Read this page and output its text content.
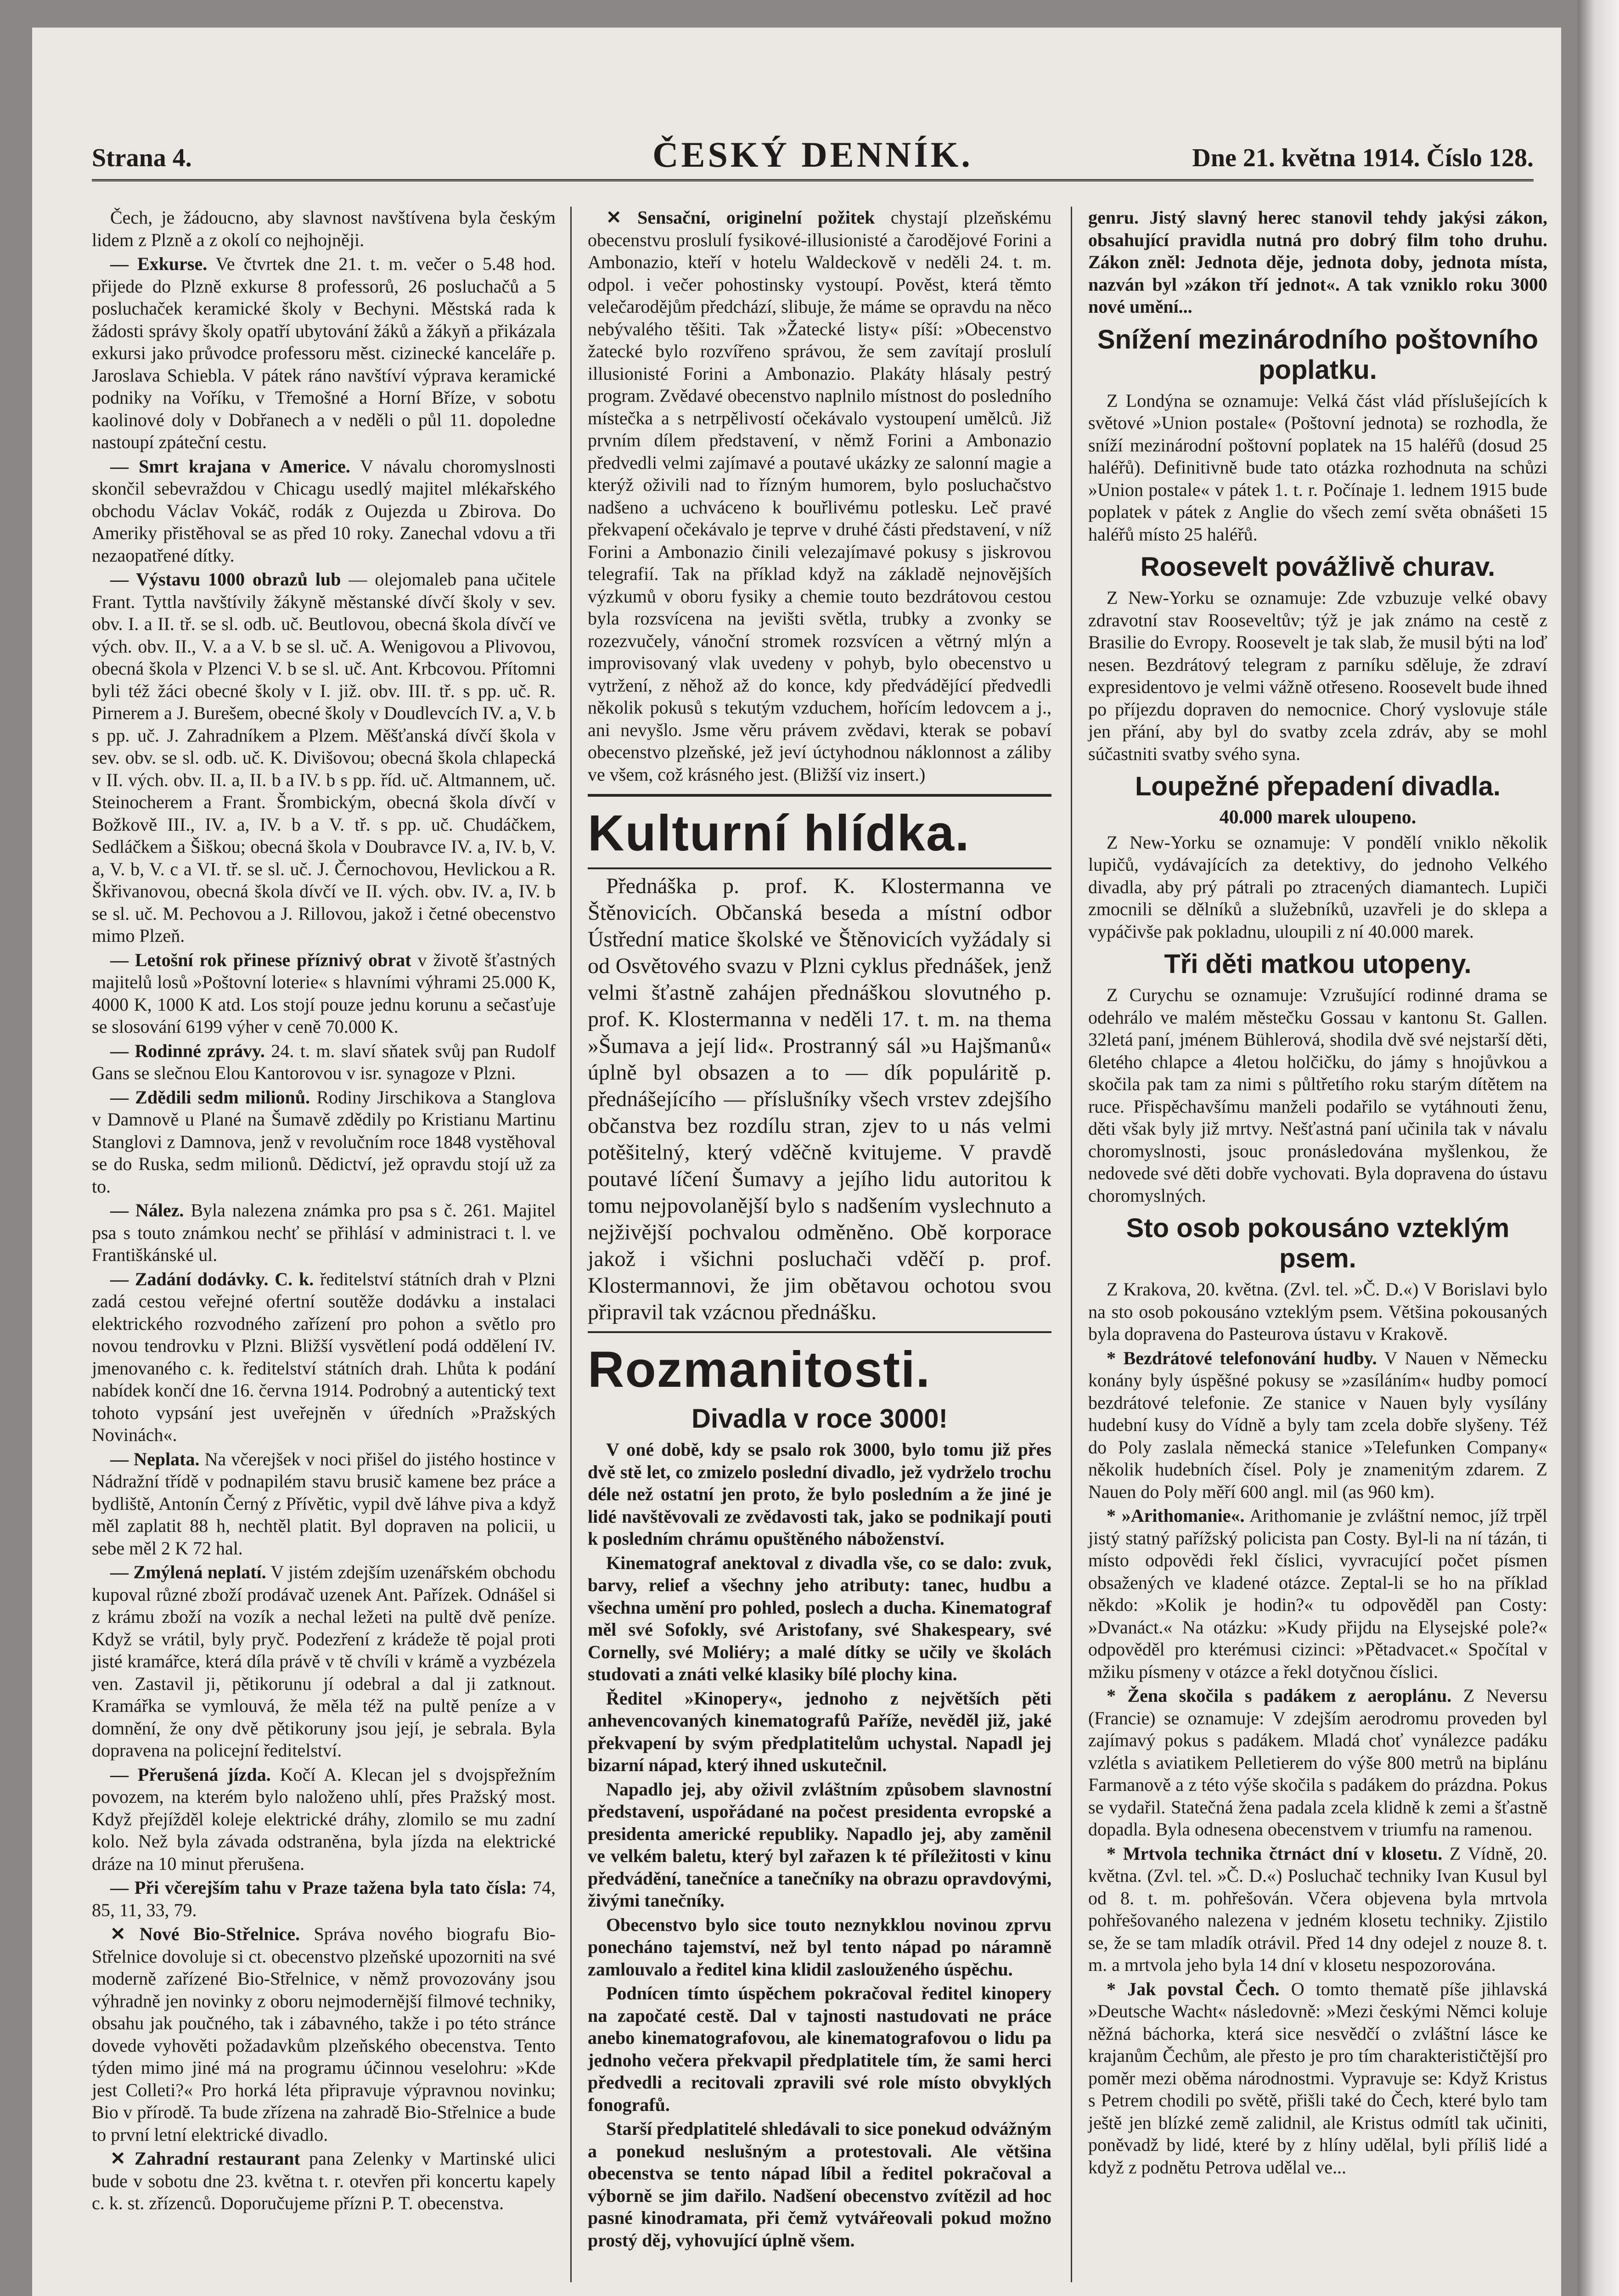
Strana 4.	ČESKÝ DENNÍK.	Dne 21. května 1914. Číslo 128.

Čech, je žádoucno, aby slavnost navštívena byla českým lidem z Plzně a z okolí co nejhojněji.

— Exkurse. Ve čtvrtek dne 21. t. m. večer o 5.48 hod. přijede do Plzně exkurse 8 professorů, 26 posluchačů a 5 posluchaček keramické školy v Bechyni. Městská rada k žádosti správy školy opatří ubytování žáků a žákyň a přikázala exkursi jako průvodce professoru měst. cizinecké kanceláře p. Jaroslava Schiebla. V pátek ráno navštíví výprava keramické podniky na Voříku, v Třemošné a Horní Bříze, v sobotu kaolinové doly v Dobřanech a v neděli o půl 11. dopoledne nastoupí zpáteční cestu.

— Smrt krajana v Americe. V návalu choromyslnosti skončil sebevraždou v Chicagu usedlý majitel mlékařského obchodu Václav Vokáč, rodák z Oujezda u Zbirova. Do Ameriky přistěhoval se as před 10 roky. Zanechal vdovu a tři nezaopatřené dítky.

— Výstavu 1000 obrazů lub — olejomaleb pana učitele Frant. Tyttla navštívily žákyně městanské dívčí školy v sev. obv. I. a II. tř. se sl. odb. uč. Beutlovou, obecná škola dívčí ve vých. obv. II., V. a a V. b se sl. uč. A. Wenigovou a Plivovou, obecná škola v Plzenci V. b se sl. uč. Ant. Krbcovou. Přítomni byli též žáci obecné školy v I. již. obv. III. tř. s pp. uč. R. Pirnerem a J. Burešem, obecné školy v Doudlevcích IV. a, V. b s pp. uč. J. Zahradníkem a Plzem. Měšťanská dívčí škola v sev. obv. se sl. odb. uč. K. Divišovou; obecná škola chlapecká v II. vých. obv. II. a, II. b a IV. b s pp. říd. uč. Altmannem, uč. Steinocherem a Frant. Šrombickým, obecná škola dívčí v Božkově III., IV. a, IV. b a V. tř. s pp. uč. Chudáčkem, Sedláčkem a Šiškou; obecná škola v Doubravce IV. a, IV. b, V. a, V. b, V. c a VI. tř. se sl. uč. J. Černochovou, Hevlickou a R. Škřivanovou, obecná škola dívčí ve II. vých. obv. IV. a, IV. b se sl. uč. M. Pechovou a J. Rillovou, jakož i četné obecenstvo mimo Plzeň.

— Letošní rok přinese příznivý obrat v životě šťastných majitelů losů »Poštovní loterie« s hlavními výhrami 25.000 K, 4000 K, 1000 K atd. Los stojí pouze jednu korunu a sečasťuje se slosování 6199 výher v ceně 70.000 K.

— Rodinné zprávy. 24. t. m. slaví sňatek svůj pan Rudolf Gans se slečnou Elou Kantorovou v isr. synagoze v Plzni.

— Zdědili sedm milionů. Rodiny Jirschikova a Stanglova v Damnově u Plané na Šumavě zdědily po Kristianu Martinu Stanglovi z Damnova, jenž v revolučním roce 1848 vystěhoval se do Ruska, sedm milionů. Dědictví, jež opravdu stojí už za to.

— Nález. Byla nalezena známka pro psa s č. 261. Majitel psa s touto známkou nechť se přihlásí v administraci t. l. ve Františkánské ul.

— Zadání dodávky. C. k. ředitelství státních drah v Plzni zadá cestou veřejné ofertní soutěže dodávku a instalaci elektrického rozvodného zařízení pro pohon a světlo pro novou tendrovku v Plzni. Bližší vysvětlení podá oddělení IV. jmenovaného c. k. ředitelství státních drah. Lhůta k podání nabídek končí dne 16. června 1914. Podrobný a autentický text tohoto vypsání jest uveřejněn v úředních »Pražských Novinách«.

— Neplata. Na včerejšek v noci přišel do jistého hostince v Nádražní třídě v podnapilém stavu brusič kamene bez práce a bydliště, Antonín Černý z Přívětic, vypil dvě láhve piva a když měl zaplatit 88 h, nechtěl platit. Byl dopraven na policii, u sebe měl 2 K 72 hal.

— Zmýlená neplatí. V jistém zdejším uzenářském obchodu kupoval různé zboží prodávač uzenek Ant. Pařízek. Odnášel si z krámu zboží na vozík a nechal ležeti na pultě dvě peníze. Když se vrátil, byly pryč. Podezření z krádeže tě pojal proti jisté kramářce, která díla právě v tě chvíli v krámě a vyzbézela ven. Zastavil ji, pětikorunu jí odebral a dal ji zatknout. Kramářka se vymlouvá, že měla též na pultě peníze a v domnění, že ony dvě pětikoruny jsou její, je sebrala. Byla dopravena na policejní ředitelství.

— Přerušená jízda. Kočí A. Klecan jel s dvojspřežním povozem, na kterém bylo naloženo uhlí, přes Pražský most. Když přejížděl koleje elektrické dráhy, zlomilo se mu zadní kolo. Než byla závada odstraněna, byla jízda na elektrické dráze na 10 minut přerušena.

— Při včerejším tahu v Praze tažena byla tato čísla: 74, 85, 11, 33, 79.

✕ Nové Bio-Střelnice. Správa nového biografu Bio-Střelnice dovoluje si ct. obecenstvo plzeňské upozorniti na své moderně zařízené Bio-Střelnice, v němž provozovány jsou výhradně jen novinky z oboru nejmodernější filmové techniky, obsahu jak poučného, tak i zábavného, takže i po této stránce dovede vyhověti požadavkům plzeňského obecenstva. Tento týden mimo jiné má na programu účinnou veselohru: »Kde jest Colleti?« Pro horká léta připravuje výpravnou novinku; Bio v přírodě. Ta bude zřízena na zahradě Bio-Střelnice a bude to první letní elektrické divadlo.

✕ Zahradní restaurant pana Zelenky v Martinské ulici bude v sobotu dne 23. května t. r. otevřen při koncertu kapely c. k. st. zřízenců. Doporučujeme přízni P. T. obecenstva.

✕ Sensační, originelní požitek chystají plzeňskému obecenstvu proslulí fysikové-illusionisté a čarodějové Forini a Ambonazio, kteří v hotelu Waldeckově v neděli 24. t. m. odpol. i večer pohostinsky vystoupí. Pověst, která těmto velečarodějům předchází, slibuje, že máme se opravdu na něco nebývalého těšiti. Tak »Žatecké listy« píší: »Obecenstvo žatecké bylo rozvířeno správou, že sem zavítají proslulí illusionisté Forini a Ambonazio. Plakáty hlásaly pestrý program. Zvědavé obecenstvo naplnilo místnost do posledního místečka a s netrpělivostí očekávalo vystoupení umělců. Již prvním dílem představení, v němž Forini a Ambonazio předvedli velmi zajímavé a poutavé ukázky ze salonní magie a kterýž oživili nad to řízným humorem, bylo posluchačstvo nadšeno a uchváceno k bouřlivému potlesku. Leč pravé překvapení očekávalo je teprve v druhé části představení, v níž Forini a Ambonazio činili velezajímavé pokusy s jiskrovou telegrafií. Tak na příklad když na základě nejnovějších výzkumů v oboru fysiky a chemie touto bezdrátovou cestou byla rozsvícena na jevišti světla, trubky a zvonky se rozezvučely, vánoční stromek rozsvícen a větrný mlýn a improvisovaný vlak uvedeny v pohyb, bylo obecenstvo u vytržení, z něhož až do konce, kdy předvádějící předvedli několik pokusů s tekutým vzduchem, hořícím ledovcem a j., ani nevyšlo. Jsme věru právem zvědavi, kterak se pobaví obecenstvo plzeňské, jež jeví úctyhodnou náklonnost a záliby ve všem, což krásného jest. (Bližší viz insert.)

Kulturní hlídka.

Přednáška p. prof. K. Klostermanna ve Štěnovicích. Občanská beseda a místní odbor Ústřední matice školské ve Štěnovicích vyžádaly si od Osvětového svazu v Plzni cyklus přednášek, jenž velmi šťastně zahájen přednáškou slovutného p. prof. K. Klostermanna v neděli 17. t. m. na thema »Šumava a její lid«. Prostranný sál »u Hajšmanů« úplně byl obsazen a to — dík populáritě p. přednášejícího — příslušníky všech vrstev zdejšího občanstva bez rozdílu stran, zjev to u nás velmi potěšitelný, který vděčně kvitujeme. V pravdě poutavé líčení Šumavy a jejího lidu autoritou k tomu nejpovolanější bylo s nadšením vyslechnuto a nejživější pochvalou odměněno. Obě korporace jakož i všichni posluchači vděčí p. prof. Klostermannovi, že jim obětavou ochotou svou připravil tak vzácnou přednášku.

Rozmanitosti.
Divadla v roce 3000!

V oné době, kdy se psalo rok 3000, bylo tomu již přes dvě stě let, co zmizelo poslední divadlo, jež vydrželo trochu déle než ostatní jen proto, že bylo posledním a že jiné je lidé navštěvovali ze zvědavosti tak, jako se podnikají pouti k posledním chrámu opuštěného náboženství.

Kinematograf anektoval z divadla vše, co se dalo: zvuk, barvy, relief a všechny jeho atributy: tanec, hudbu a všechna umění pro pohled, poslech a ducha. Kinematograf měl své Sofokly, své Aristofany, své Shakespeary, své Cornelly, své Moliéry; a malé dítky se učily ve školách studovati a znáti velké klasiky bílé plochy kina.

Ředitel »Kinopery«, jednoho z největších pěti anhevencovaných kinematografů Paříže, nevěděl již, jaké překvapení by svým předplatitelům uchystal. Napadl jej bizarní nápad, který ihned uskutečnil.

Napadlo jej, aby oživil zvláštním způsobem slavnostní představení, uspořádané na počest presidenta evropské a presidenta americké republiky. Napadlo jej, aby zaměnil ve velkém baletu, který byl zařazen k té příležitosti v kinu předvádění, tanečníce a tanečníky na obrazu opravdovými, živými tanečníky.

Obecenstvo bylo sice touto neznykklou novinou zprvu ponecháno tajemství, než byl tento nápad po náramně zamlouvalo a ředitel kina klidil zaslouženého úspěchu.

Podnícen tímto úspěchem pokračoval ředitel kinopery na započaté cestě. Dal v tajnosti nastudovati ne práce anebo kinematografovou, ale kinematografovou o lidu pa jednoho večera překvapil předplatitele tím, že sami herci předvedli a recitovali zpravili své role místo obvyklých fonografů.

Starší předplatitelé shledávali to sice ponekud odvážným a ponekud neslušným a protestovali. Ale většina obecenstva se tento nápad líbil a ředitel pokračoval a výborně se jim dařilo. Nadšení obecenstvo zvítězil ad hoc pasné kinodramata, při čemž vytvářeovali pokud možno prostý děj, vyhovující úplně všem.

genru. Jistý slavný herec stanovil tehdy jakýsi zákon, obsahující pravidla nutná pro dobrý film toho druhu. Zákon zněl: Jednota děje, jednota doby, jednota místa, nazván byl »zákon tří jednot«. A tak vzniklo roku 3000 nové umění...

Snížení mezinárodního poštovního poplatku.

Z Londýna se oznamuje: Velká část vlád příslušejících k světové »Union postale« (Poštovní jednota) se rozhodla, že sníží mezinárodní poštovní poplatek na 15 haléřů (dosud 25 haléřů). Definitivně bude tato otázka rozhodnuta na schůzi »Union postale« v pátek 1. t. r. Počínaje 1. lednem 1915 bude poplatek v pátek z Anglie do všech zemí světa obnášeti 15 haléřů místo 25 haléřů.

Roosevelt povážlivě churav.

Z New-Yorku se oznamuje: Zde vzbuzuje velké obavy zdravotní stav Rooseveltův; týž je jak známo na cestě z Brasilie do Evropy. Roosevelt je tak slab, že musil býti na loď nesen. Bezdrátový telegram z parníku sděluje, že zdraví expresidentovo je velmi vážně otřeseno. Roosevelt bude ihned po příjezdu dopraven do nemocnice. Chorý vyslovuje stále jen přání, aby byl do svatby zcela zdráv, aby se mohl súčastniti svatby svého syna.

Loupežné přepadení divadla.
40.000 marek uloupeno.

Z New-Yorku se oznamuje: V pondělí vniklo několik lupičů, vydávajících za detektivy, do jednoho Velkého divadla, aby prý pátrali po ztracených diamantech. Lupiči zmocnili se dělníků a služebníků, uzavřeli je do sklepa a vypáčivše pak pokladnu, uloupili z ní 40.000 marek.

Tři děti matkou utopeny.

Z Curychu se oznamuje: Vzrušující rodinné drama se odehrálo ve malém městečku Gossau v kantonu St. Gallen. 32letá paní, jménem Bühlerová, shodila dvě své nejstarší děti, 6letého chlapce a 4letou holčičku, do jámy s hnojůvkou a skočila pak tam za nimi s půltřetího roku starým dítětem na ruce. Přispěchavšímu manželi podařilo se vytáhnouti ženu, děti však byly již mrtvy. Nešťastná paní učinila tak v návalu choromyslnosti, jsouc pronásledována myšlenkou, že nedovede své děti dobře vychovati. Byla dopravena do ústavu choromyslných.

Sto osob pokousáno vzteklým psem.

Z Krakova, 20. května. (Zvl. tel. »Č. D.«) V Borislavi bylo na sto osob pokousáno vzteklým psem. Většina pokousaných byla dopravena do Pasteurova ústavu v Krakově.

* Bezdrátové telefonování hudby. V Nauen v Německu konány byly úspěšné pokusy se »zasíláním« hudby pomocí bezdrátové telefonie. Ze stanice v Nauen byly vysílány hudební kusy do Vídně a byly tam zcela dobře slyšeny. Též do Poly zaslala německá stanice »Telefunken Company« několik hudebních čísel. Poly je znamenitým zdarem. Z Nauen do Poly měří 600 angl. mil (as 960 km).

* »Arithomanie«. Arithomanie je zvláštní nemoc, jíž trpěl jistý statný pařížský policista pan Costy. Byl-li na ní tázán, ti místo odpovědi řekl číslici, vyvracující počet písmen obsažených ve kladené otázce. Zeptal-li se ho na příklad někdo: »Kolik je hodin?« tu odpověděl pan Costy: »Dvanáct.« Na otázku: »Kudy přijdu na Elysejské pole?« odpověděl pro kterémusi cizinci: »Pětadvacet.« Spočítal v mžiku písmeny v otázce a řekl dotyčnou číslici.

* Žena skočila s padákem z aeroplánu. Z Neversu (Francie) se oznamuje: V zdejším aerodromu proveden byl zajímavý pokus s padákem. Mladá choť vynálezce padáku vzlétla s aviatikem Pelletierem do výše 800 metrů na biplánu Farmanově a z této výše skočila s padákem do prázdna. Pokus se vydařil. Statečná žena padala zcela klidně k zemi a šťastně dopadla. Byla odnesena obecenstvem v triumfu na ramenou.

* Mrtvola technika čtrnáct dní v klosetu. Z Vídně, 20. května. (Zvl. tel. »Č. D.«) Posluchač techniky Ivan Kusul byl od 8. t. m. pohřešován. Včera objevena byla mrtvola pohřešovaného nalezena v jedném klosetu techniky. Zjistilo se, že se tam mladík otrávil. Před 14 dny odejel z nouze 8. t. m. a mrtvola jeho byla 14 dní v klosetu nespozorována.

* Jak povstal Čech. O tomto thematě píše jihlavská »Deutsche Wacht« následovně: »Mezi českými Němci koluje něžná báchorka, která sice nesvědčí o zvláštní lásce ke krajanům Čechům, ale přesto je pro tím charakterističtější pro poměr mezi oběma národnostmi. Vypravuje se: Když Kristus s Petrem chodili po světě, přišli také do Čech, které bylo tam ještě jen blízké země zalidnil, ale Kristus odmítl tak učiniti, poněvadž by lidé, které by z hlíny udělal, byli příliš lidé a když z podnětu Petrova udělal ve...
